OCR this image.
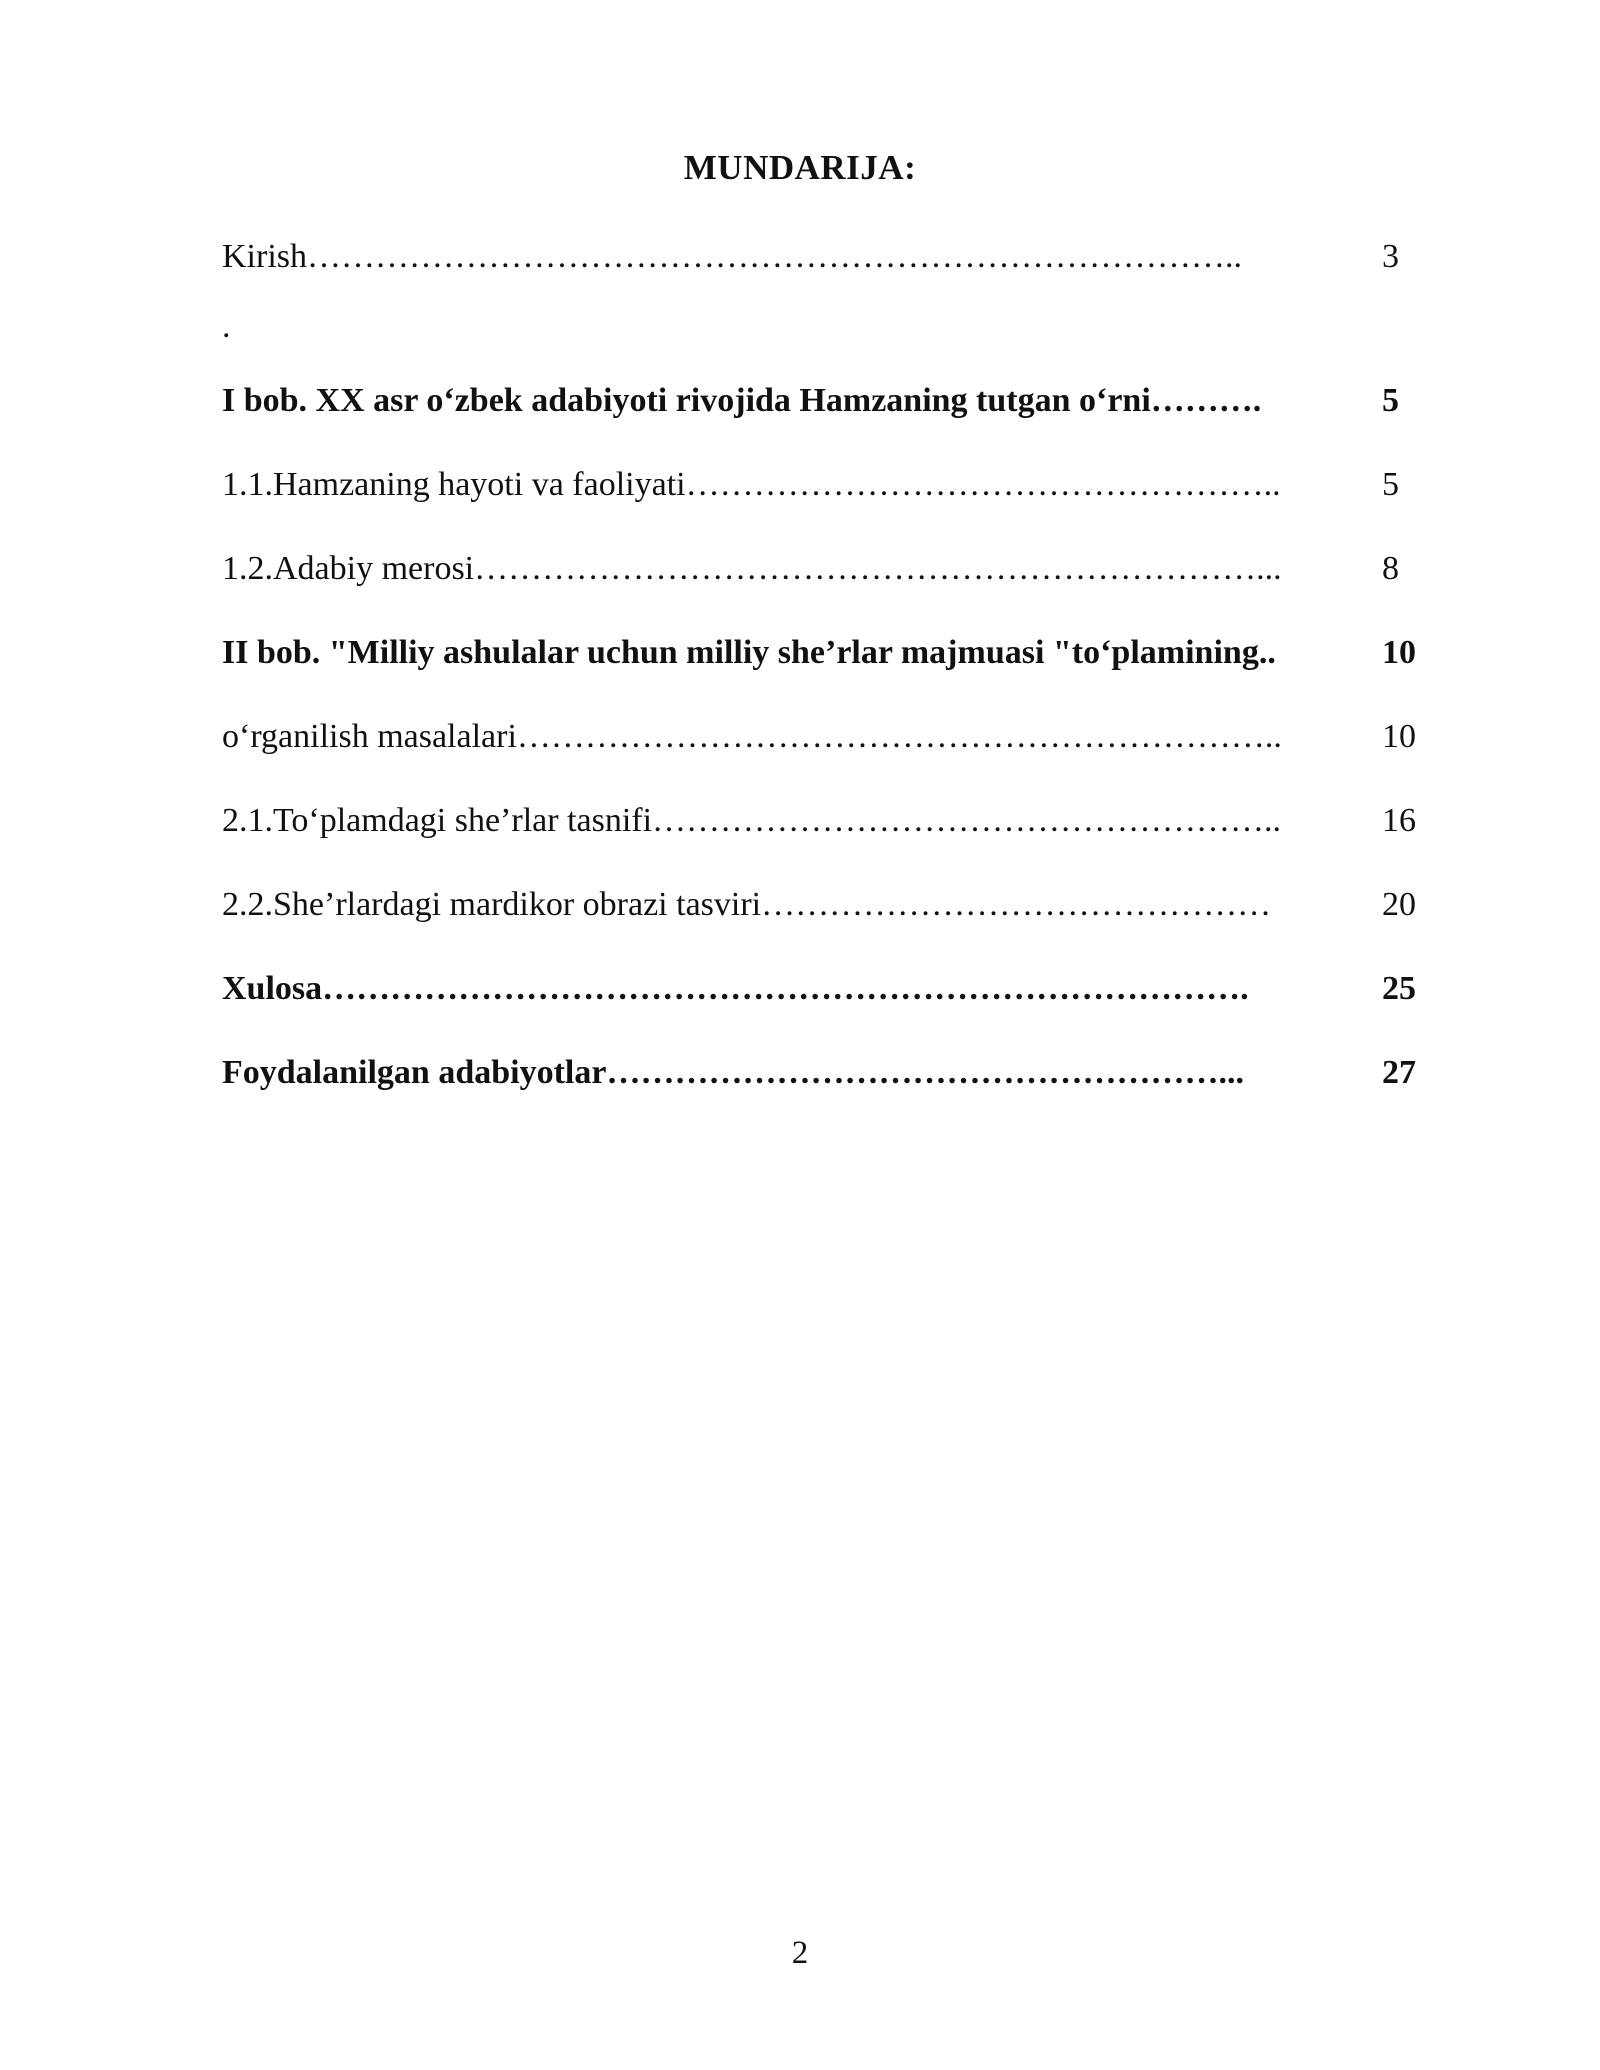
MUNDARIJA:
Kirish………………………………………………………………………..	3
.
I bob. XX asr o‘zbek adabiyoti rivojida Hamzaning tutgan o‘rni……….	5
1.1.Hamzaning hayoti va faoliyati……………………………………………..	5
1.2.Adabiy merosi……………………………………………………………...	8
II bob. "Milliy ashulalar uchun milliy she’rlar majmuasi "to‘plamining..	10
o‘rganilish masalalari…………………………………………………………..	10
2.1.To‘plamdagi she’rlar tasnifi………………………………………………..	16
2.2.She’rlardagi mardikor obrazi tasviri………………………………………	20
Xulosa……………………………………………………………………….	25
Foydalanilgan adabiyotlar………………………………………………...	27
2
